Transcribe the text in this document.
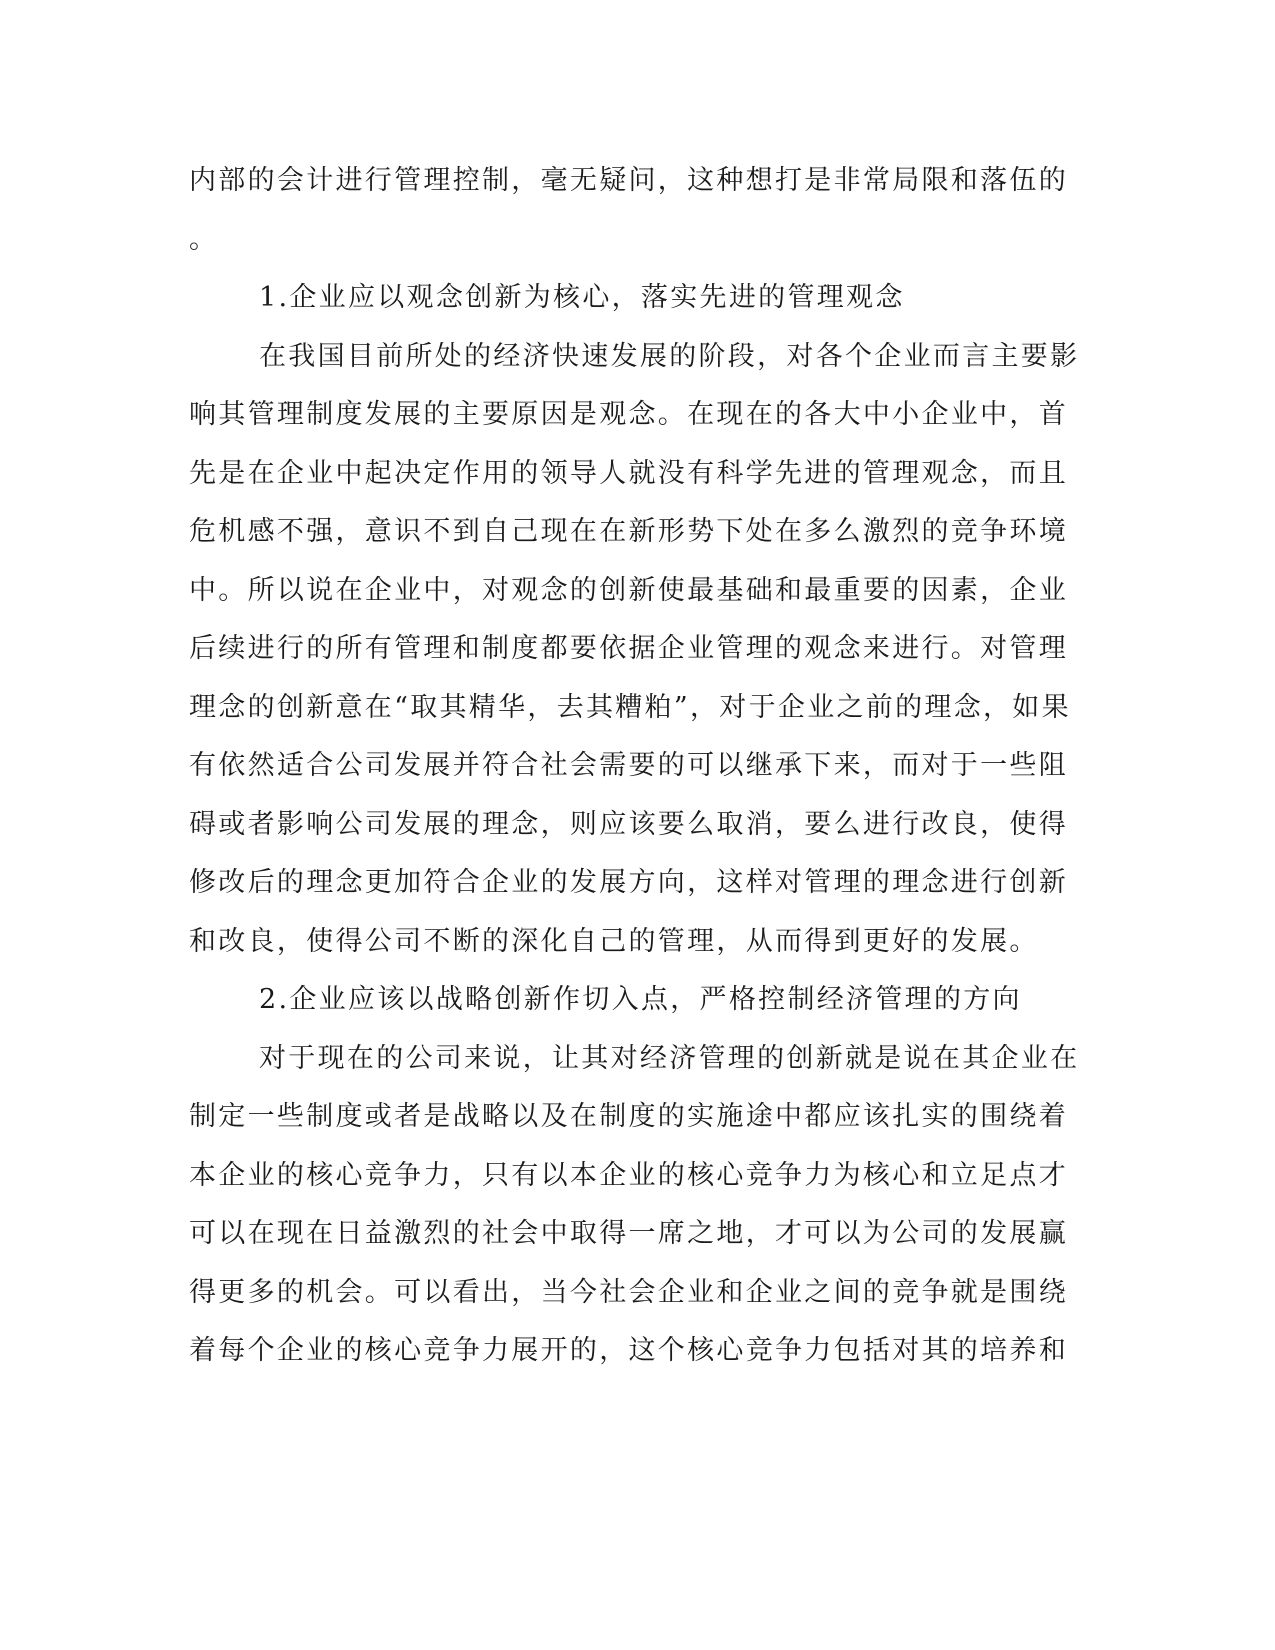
内部的会计进行管理控制，毫无疑问，这种想打是非常局限和落伍的
。
1.企业应以观念创新为核心，落实先进的管理观念
在我国目前所处的经济快速发展的阶段，对各个企业而言主要影
响其管理制度发展的主要原因是观念。在现在的各大中小企业中，首
先是在企业中起决定作用的领导人就没有科学先进的管理观念，而且
危机感不强，意识不到自己现在在新形势下处在多么激烈的竞争环境
中。所以说在企业中，对观念的创新使最基础和最重要的因素，企业
后续进行的所有管理和制度都要依据企业管理的观念来进行。对管理
理念的创新意在“取其精华，去其糟粕”，对于企业之前的理念，如果
有依然适合公司发展并符合社会需要的可以继承下来，而对于一些阻
碍或者影响公司发展的理念，则应该要么取消，要么进行改良，使得
修改后的理念更加符合企业的发展方向，这样对管理的理念进行创新
和改良，使得公司不断的深化自己的管理，从而得到更好的发展。
2.企业应该以战略创新作切入点，严格控制经济管理的方向
对于现在的公司来说，让其对经济管理的创新就是说在其企业在
制定一些制度或者是战略以及在制度的实施途中都应该扎实的围绕着
本企业的核心竞争力，只有以本企业的核心竞争力为核心和立足点才
可以在现在日益激烈的社会中取得一席之地，才可以为公司的发展赢
得更多的机会。可以看出，当今社会企业和企业之间的竞争就是围绕
着每个企业的核心竞争力展开的，这个核心竞争力包括对其的培养和
